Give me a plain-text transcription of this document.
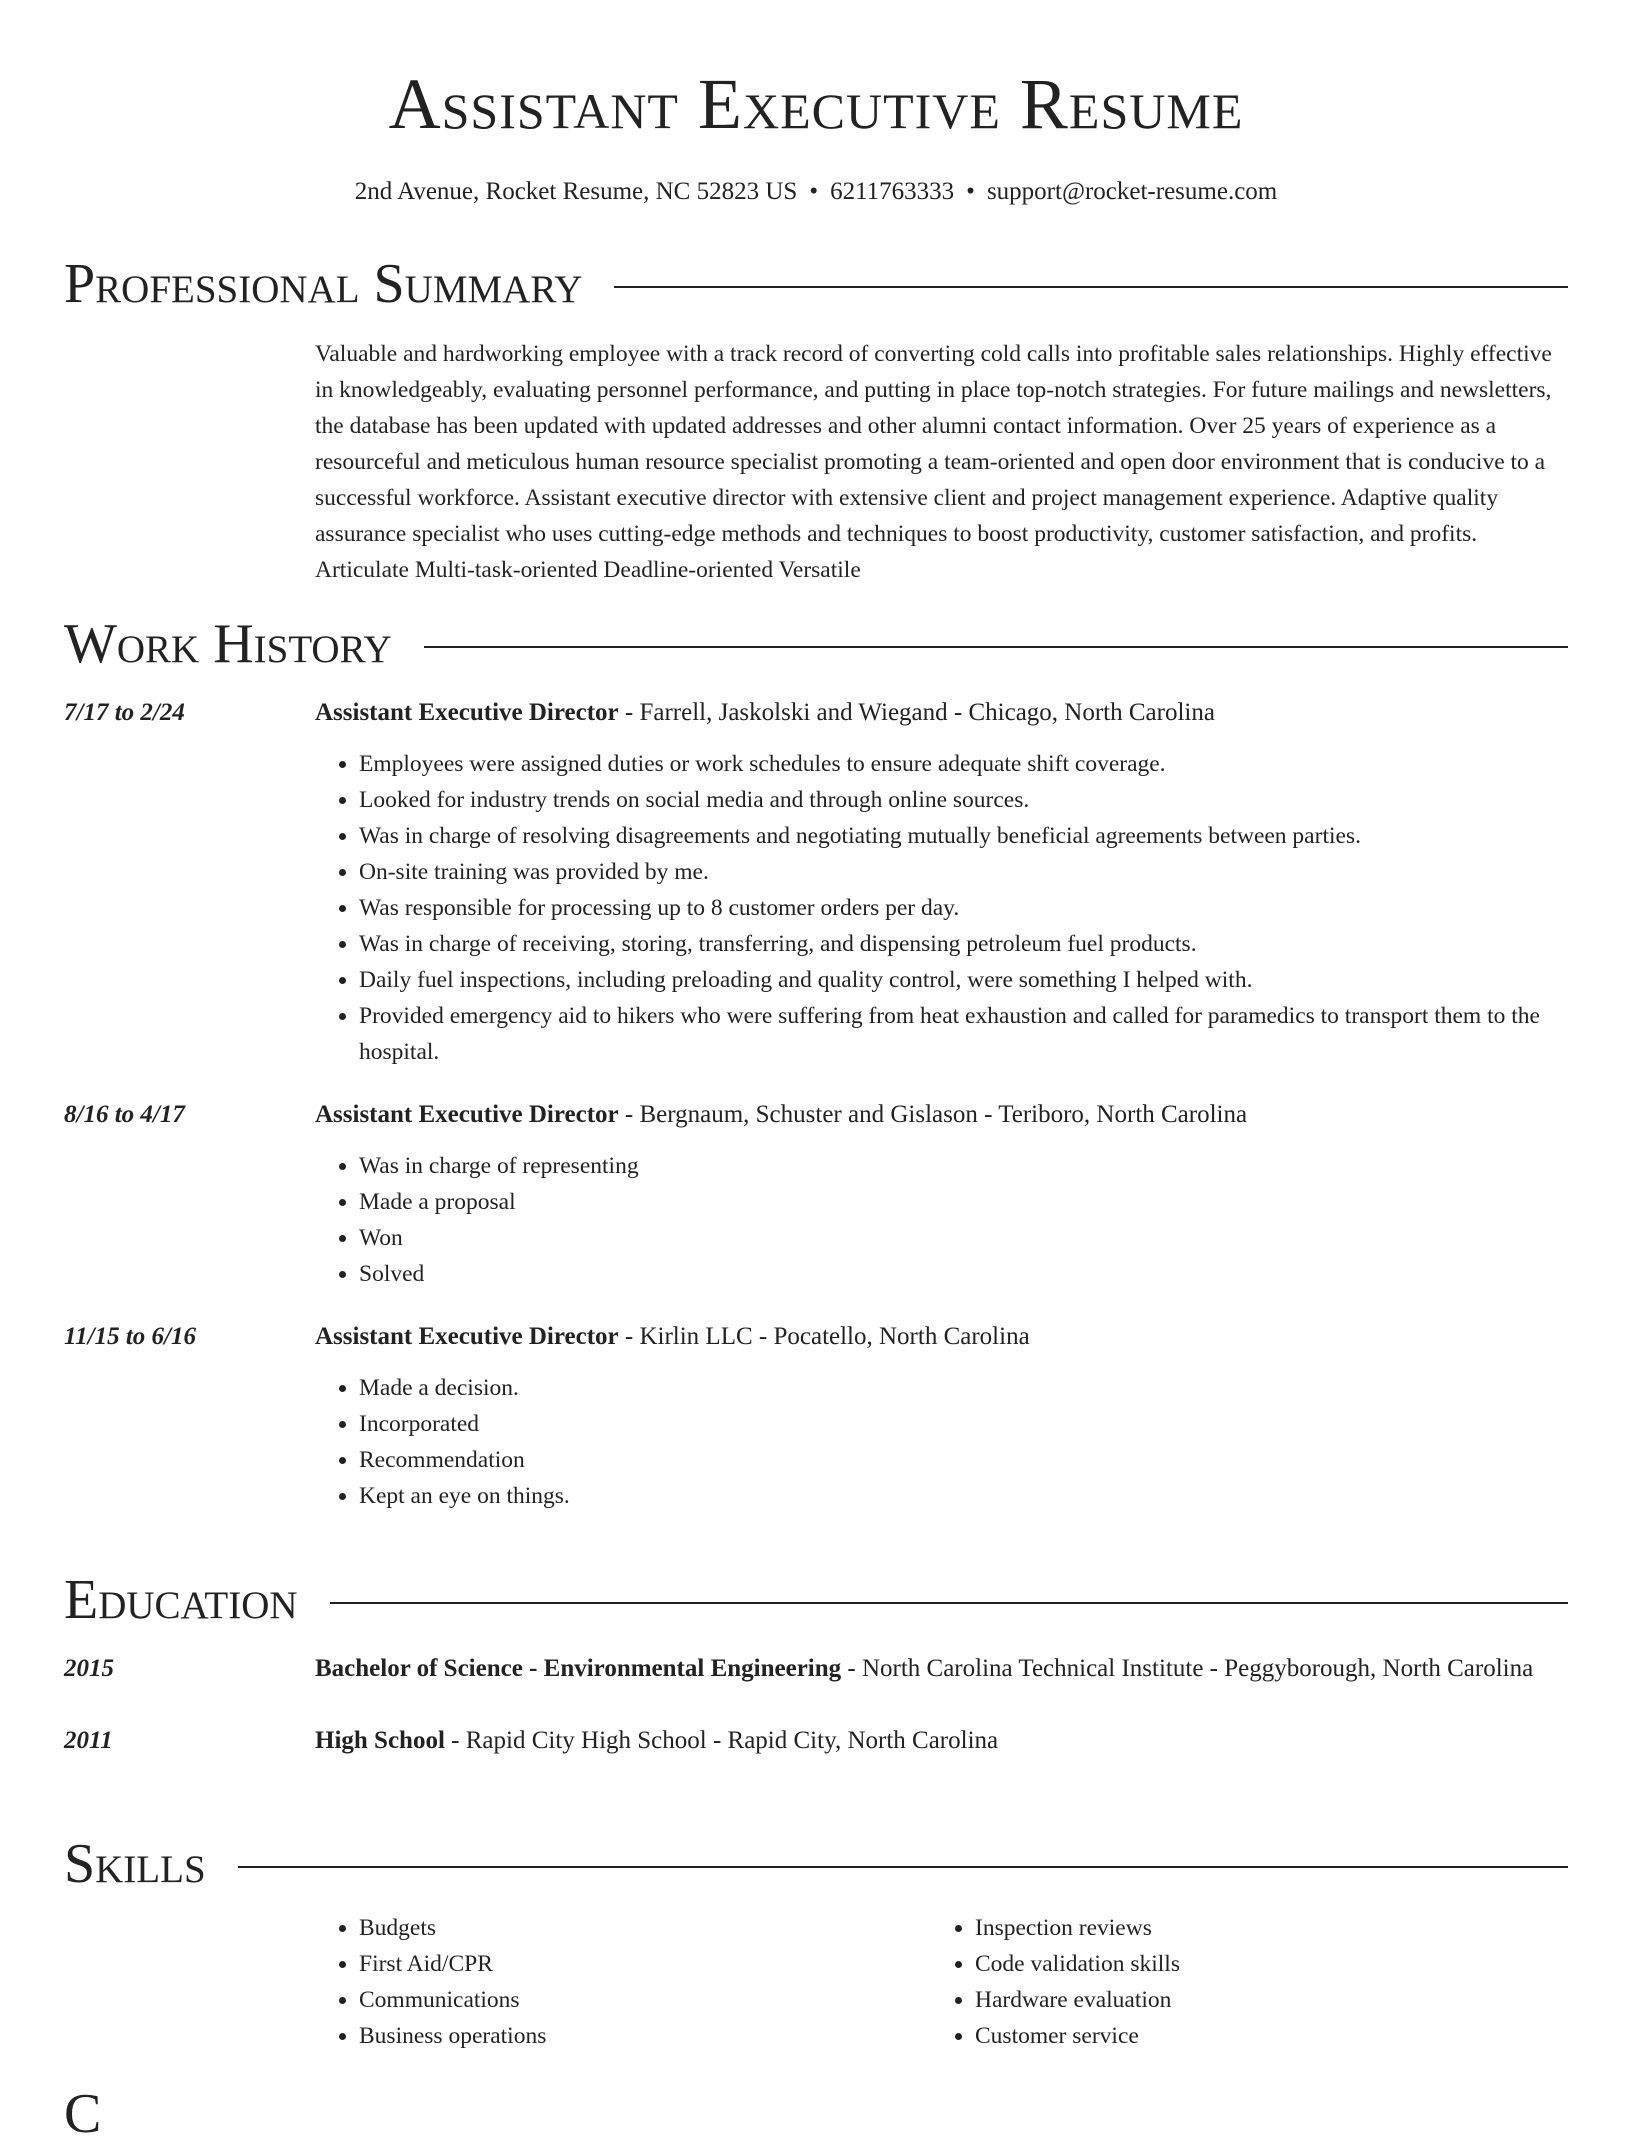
Assistant Executive Resume
2nd Avenue, Rocket Resume, NC 52823 US • 6211763333 • support@rocket-resume.com
Professional Summary
Valuable and hardworking employee with a track record of converting cold calls into profitable sales relationships. Highly effective in knowledgeably, evaluating personnel performance, and putting in place top-notch strategies. For future mailings and newsletters, the database has been updated with updated addresses and other alumni contact information. Over 25 years of experience as a resourceful and meticulous human resource specialist promoting a team-oriented and open door environment that is conducive to a successful workforce. Assistant executive director with extensive client and project management experience. Adaptive quality assurance specialist who uses cutting-edge methods and techniques to boost productivity, customer satisfaction, and profits. Articulate Multi-task-oriented Deadline-oriented Versatile
Work History
7/17 to 2/24	Assistant Executive Director - Farrell, Jaskolski and Wiegand - Chicago, North Carolina
• Employees were assigned duties or work schedules to ensure adequate shift coverage.
• Looked for industry trends on social media and through online sources.
• Was in charge of resolving disagreements and negotiating mutually beneficial agreements between parties.
• On-site training was provided by me.
• Was responsible for processing up to 8 customer orders per day.
• Was in charge of receiving, storing, transferring, and dispensing petroleum fuel products.
• Daily fuel inspections, including preloading and quality control, were something I helped with.
• Provided emergency aid to hikers who were suffering from heat exhaustion and called for paramedics to transport them to the hospital.
8/16 to 4/17	Assistant Executive Director - Bergnaum, Schuster and Gislason - Teriboro, North Carolina
• Was in charge of representing
• Made a proposal
• Won
• Solved
11/15 to 6/16	Assistant Executive Director - Kirlin LLC - Pocatello, North Carolina
• Made a decision.
• Incorporated
• Recommendation
• Kept an eye on things.
Education
2015	Bachelor of Science - Environmental Engineering - North Carolina Technical Institute - Peggyborough, North Carolina
2011	High School - Rapid City High School - Rapid City, North Carolina
Skills
• Budgets
• First Aid/CPR
• Communications
• Business operations
• Inspection reviews
• Code validation skills
• Hardware evaluation
• Customer service
C
